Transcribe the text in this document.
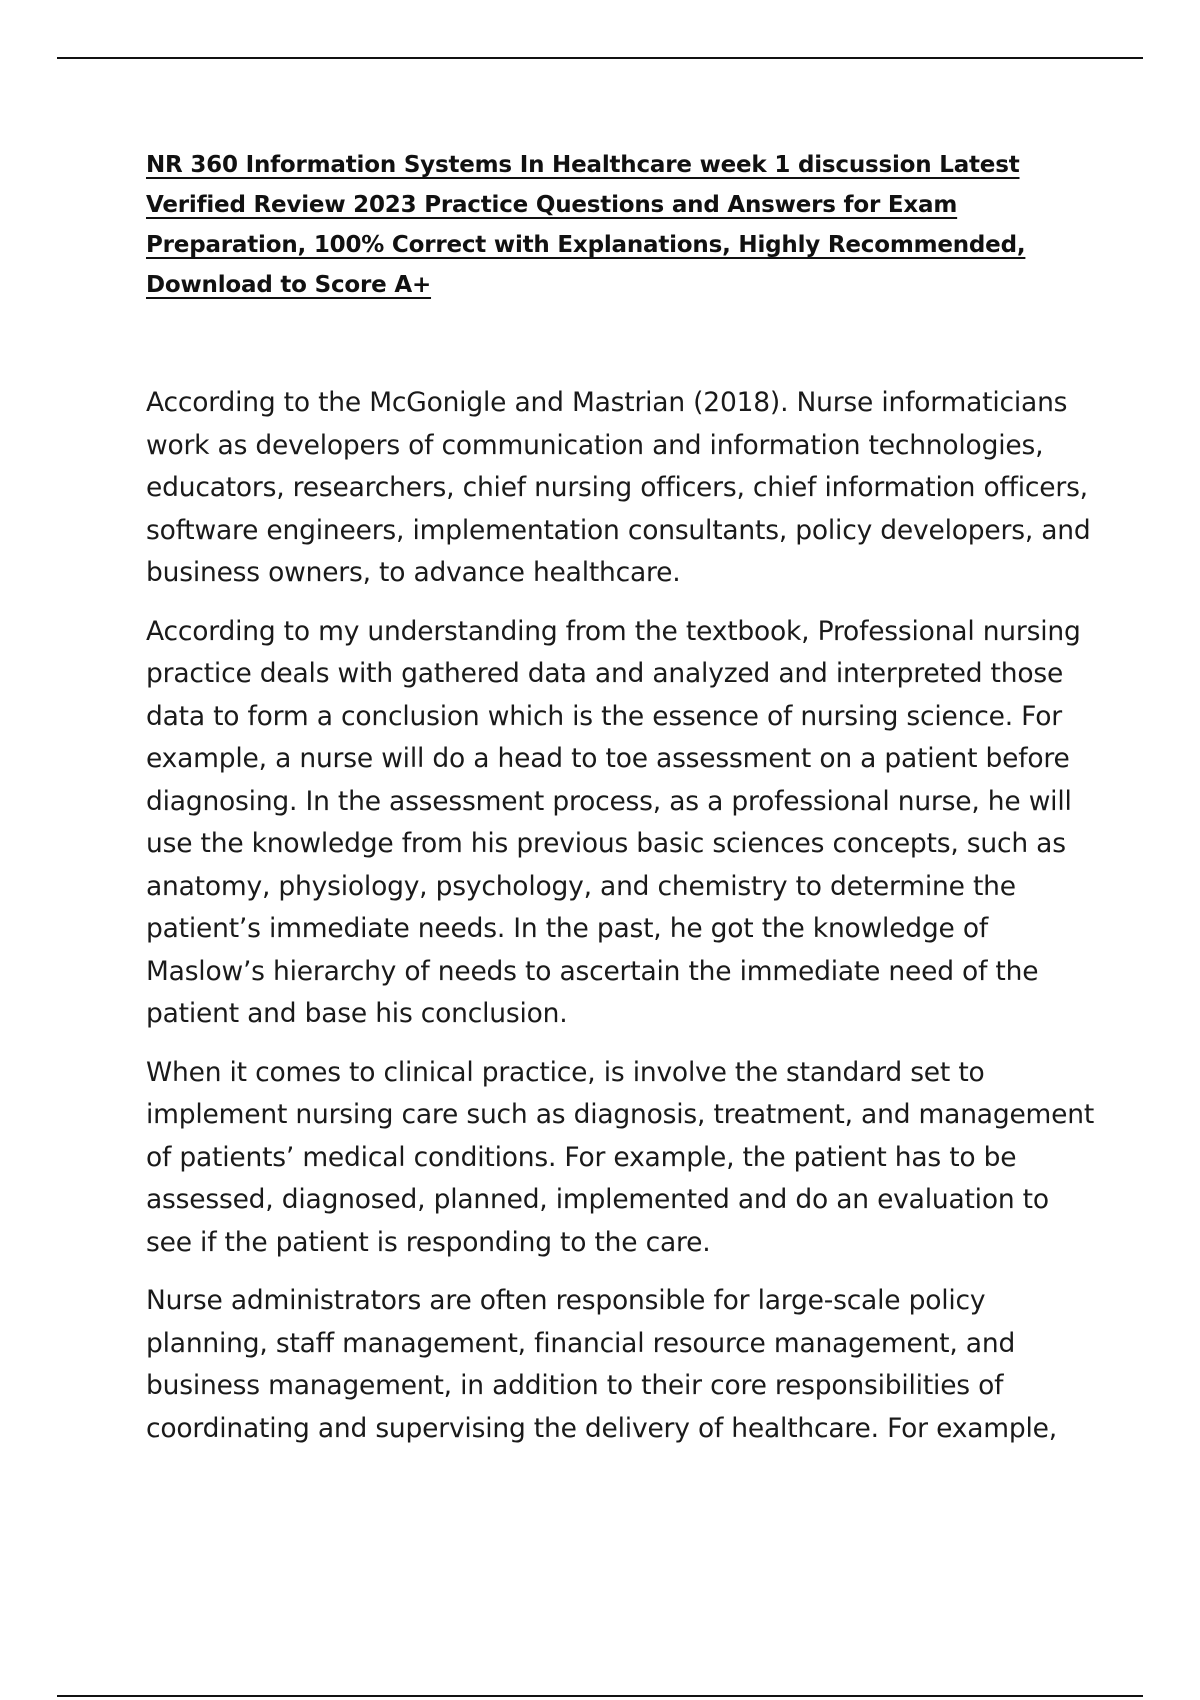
NR 360 Information Systems In Healthcare week 1 discussion Latest Verified Review 2023 Practice Questions and Answers for Exam Preparation, 100% Correct with Explanations, Highly Recommended, Download to Score A+

According to the McGonigle and Mastrian (2018). Nurse informaticians work as developers of communication and information technologies, educators, researchers, chief nursing officers, chief information officers, software engineers, implementation consultants, policy developers, and business owners, to advance healthcare.

According to my understanding from the textbook, Professional nursing practice deals with gathered data and analyzed and interpreted those data to form a conclusion which is the essence of nursing science. For example, a nurse will do a head to toe assessment on a patient before diagnosing. In the assessment process, as a professional nurse, he will use the knowledge from his previous basic sciences concepts, such as anatomy, physiology, psychology, and chemistry to determine the patient’s immediate needs. In the past, he got the knowledge of Maslow’s hierarchy of needs to ascertain the immediate need of the patient and base his conclusion.

When it comes to clinical practice, is involve the standard set to implement nursing care such as diagnosis, treatment, and management of patients’ medical conditions. For example, the patient has to be assessed, diagnosed, planned, implemented and do an evaluation to see if the patient is responding to the care.

Nurse administrators are often responsible for large-scale policy planning, staff management, financial resource management, and business management, in addition to their core responsibilities of coordinating and supervising the delivery of healthcare. For example,
